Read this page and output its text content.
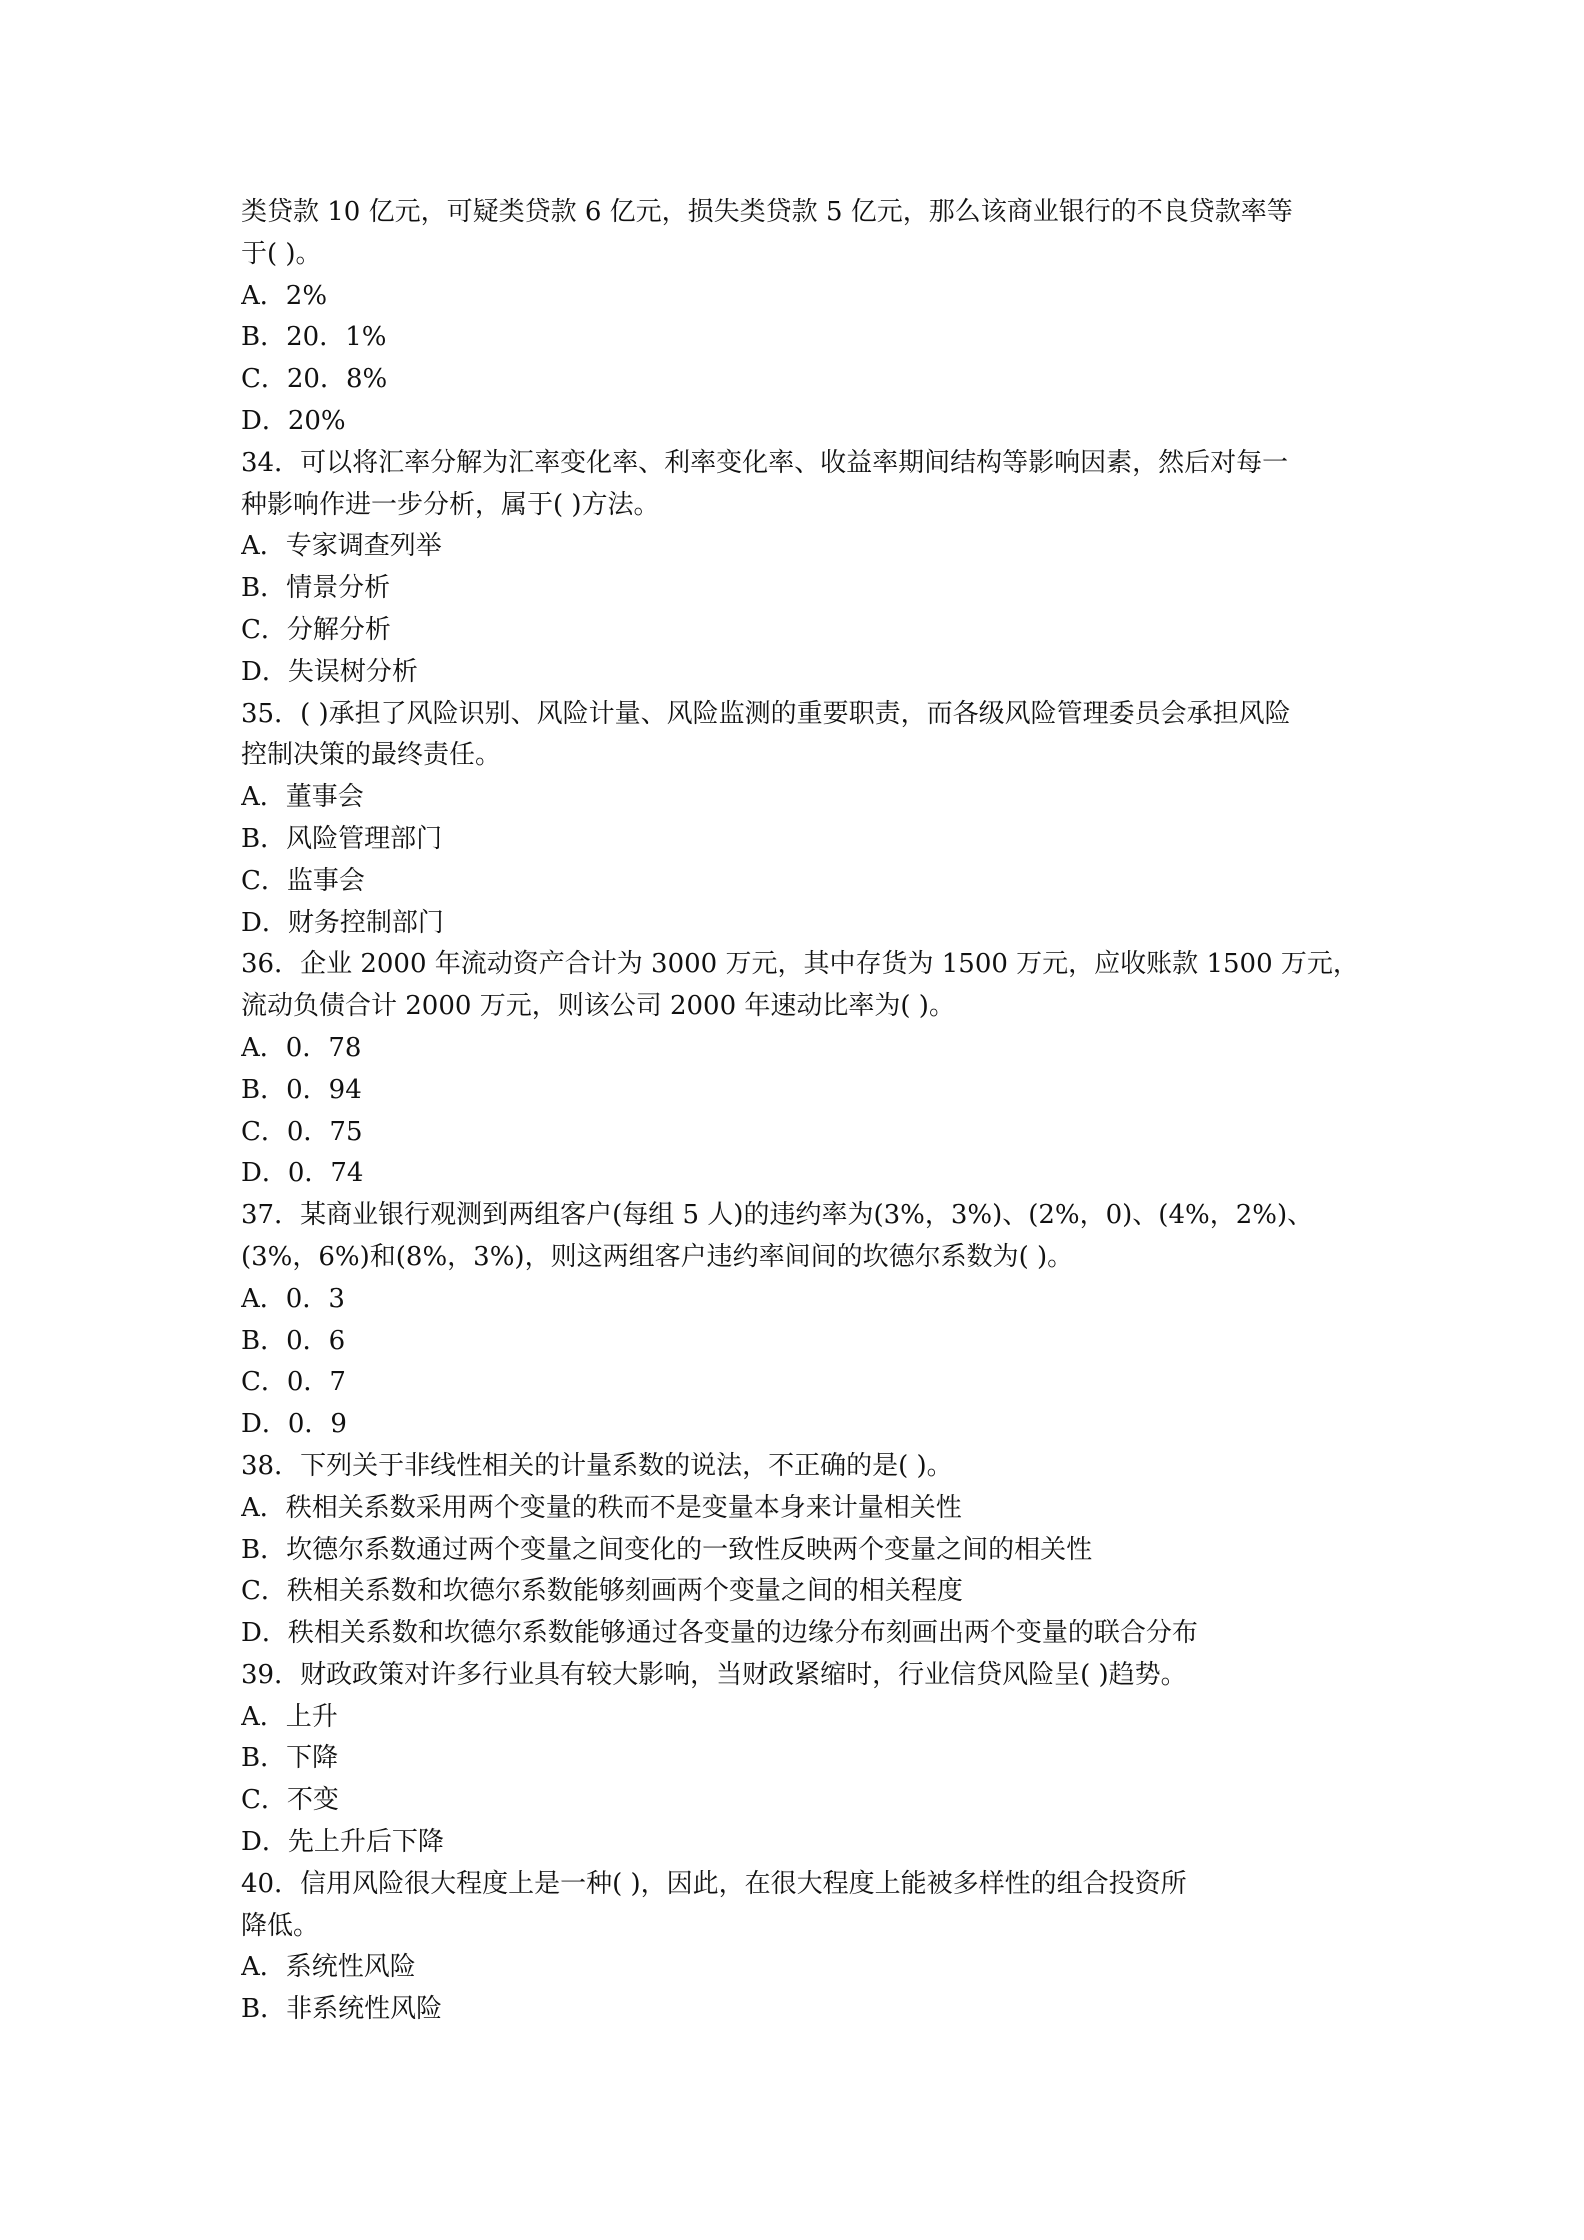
类贷款 10 亿元，可疑类贷款 6 亿元，损失类贷款 5 亿元，那么该商业银行的不良贷款率等
于( )。
A．2%
B．20．1%
C．20．8%
D．20%
34．可以将汇率分解为汇率变化率、利率变化率、收益率期间结构等影响因素，然后对每一
种影响作进一步分析，属于( )方法。
A．专家调查列举
B．情景分析
C．分解分析
D．失误树分析
35．( )承担了风险识别、风险计量、风险监测的重要职责，而各级风险管理委员会承担风险
控制决策的最终责任。
A．董事会
B．风险管理部门
C．监事会
D．财务控制部门
36．企业 2000 年流动资产合计为 3000 万元，其中存货为 1500 万元，应收账款 1500 万元，
流动负债合计 2000 万元，则该公司 2000 年速动比率为( )。
A．0．78
B．0．94
C．0．75
D．0．74
37．某商业银行观测到两组客户(每组 5 人)的违约率为(3%，3%)、(2%，0)、(4%，2%)、
(3%，6%)和(8%，3%)，则这两组客户违约率间间的坎德尔系数为( )。
A．0．3
B．0．6
C．0．7
D．0．9
38．下列关于非线性相关的计量系数的说法，不正确的是( )。
A．秩相关系数采用两个变量的秩而不是变量本身来计量相关性
B．坎德尔系数通过两个变量之间变化的一致性反映两个变量之间的相关性
C．秩相关系数和坎德尔系数能够刻画两个变量之间的相关程度
D．秩相关系数和坎德尔系数能够通过各变量的边缘分布刻画出两个变量的联合分布
39．财政政策对许多行业具有较大影响，当财政紧缩时，行业信贷风险呈( )趋势。
A．上升
B．下降
C．不变
D．先上升后下降
40．信用风险很大程度上是一种( )，因此，在很大程度上能被多样性的组合投资所
降低。
A．系统性风险
B．非系统性风险
